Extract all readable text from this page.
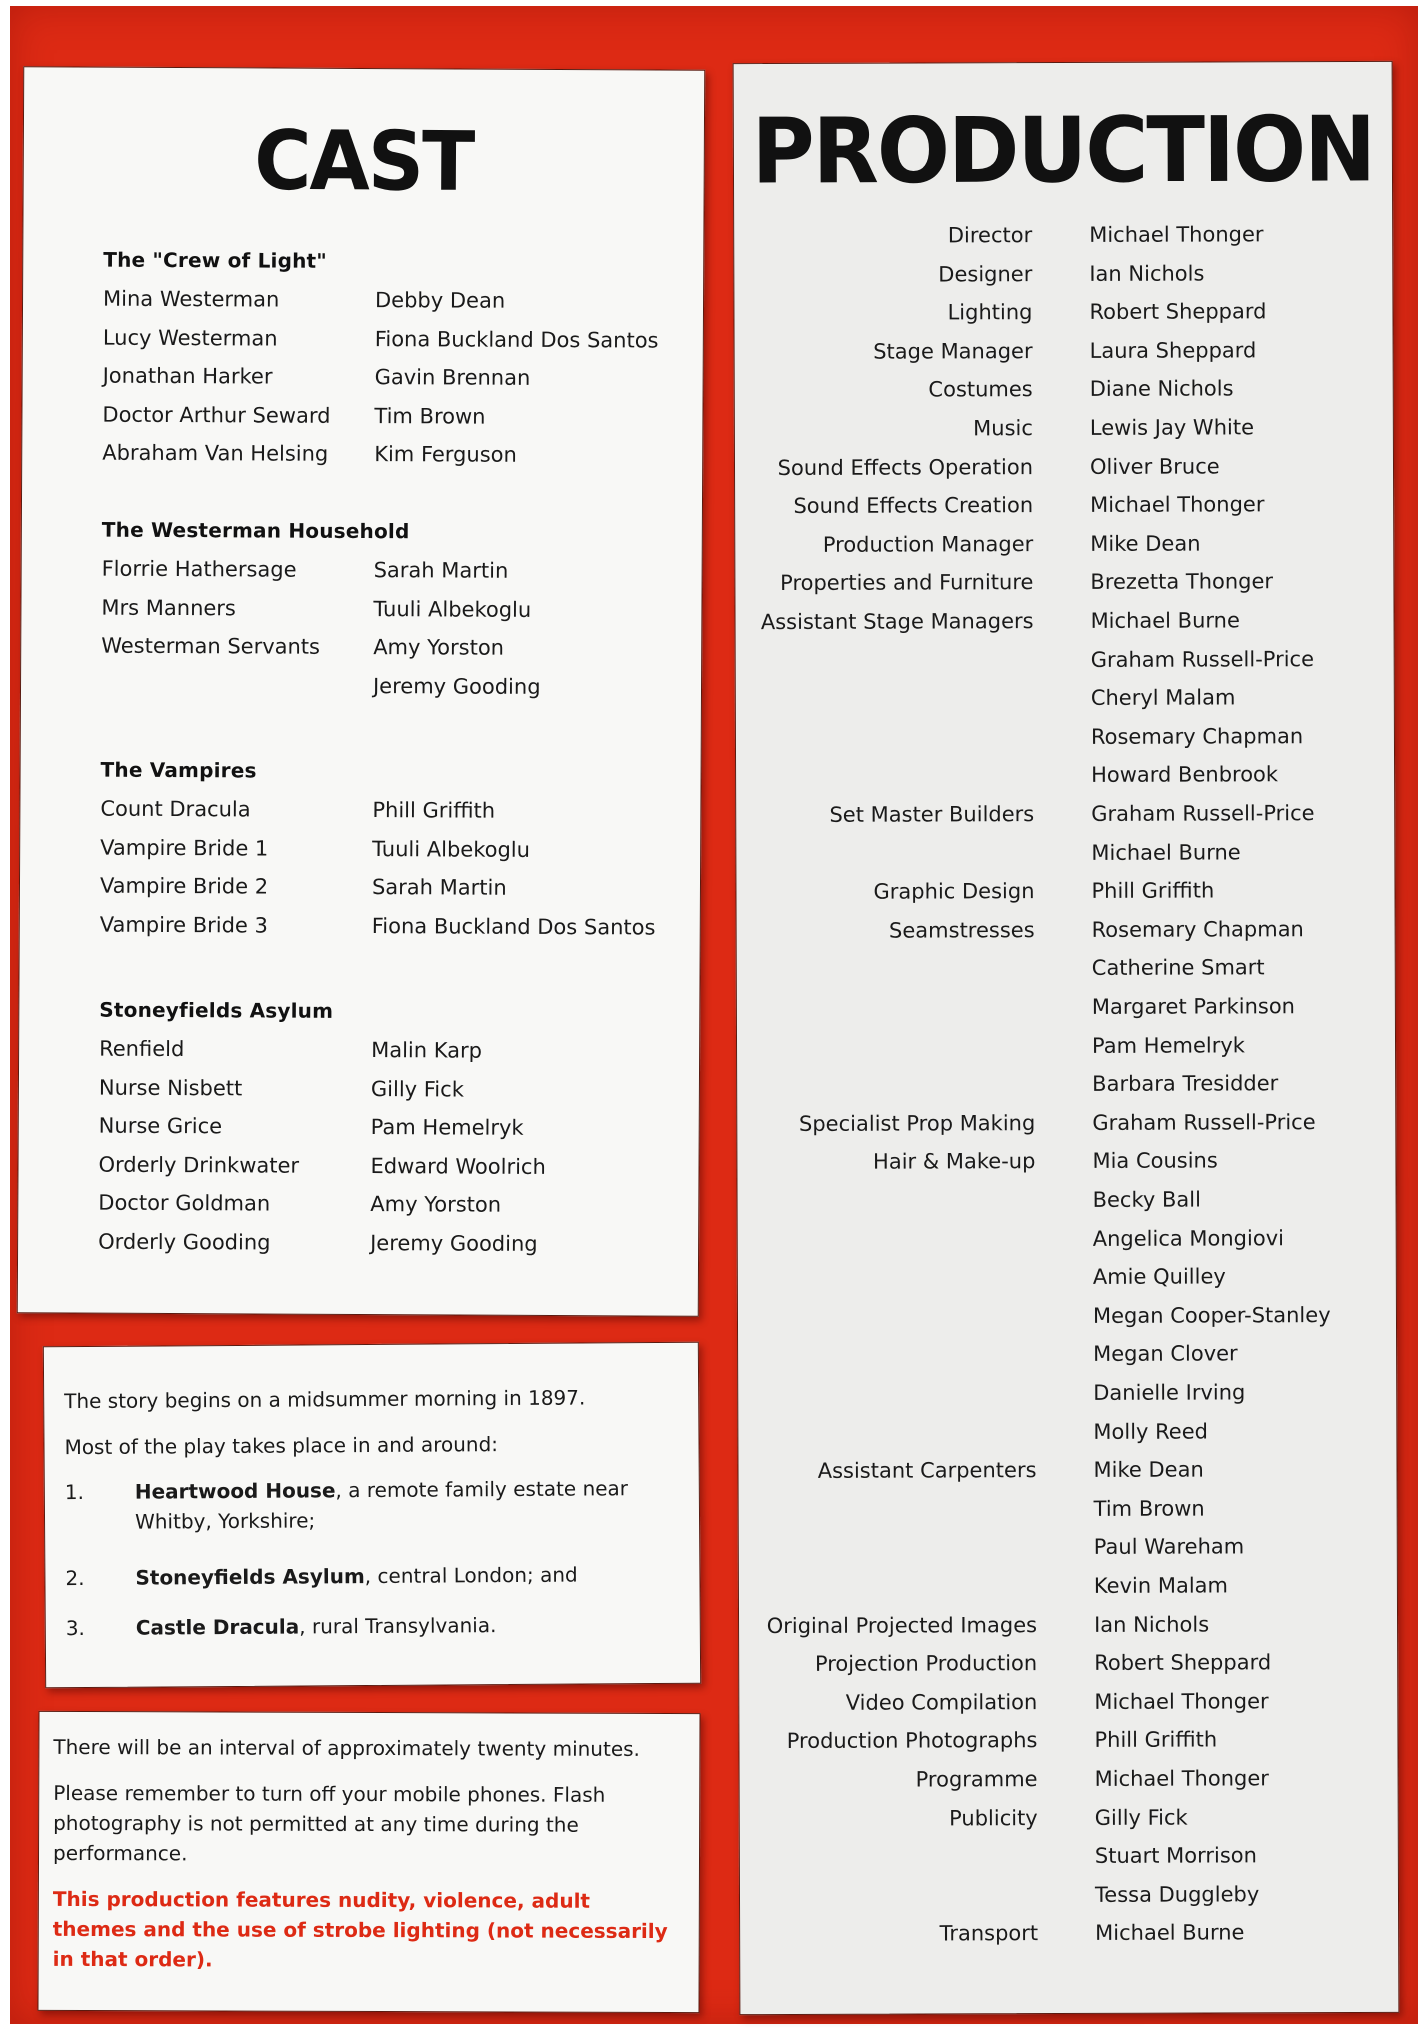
CAST
The "Crew of Light"
Mina Westerman	Debby Dean
Lucy Westerman	Fiona Buckland Dos Santos
Jonathan Harker	Gavin Brennan
Doctor Arthur Seward	Tim Brown
Abraham Van Helsing	Kim Ferguson
The Westerman Household
Florrie Hathersage	Sarah Martin
Mrs Manners	Tuuli Albekoglu
Westerman Servants	Amy Yorston
Jeremy Gooding
The Vampires
Count Dracula	Phill Griffith
Vampire Bride 1	Tuuli Albekoglu
Vampire Bride 2	Sarah Martin
Vampire Bride 3	Fiona Buckland Dos Santos
Stoneyfields Asylum
Renfield	Malin Karp
Nurse Nisbett	Gilly Fick
Nurse Grice	Pam Hemelryk
Orderly Drinkwater	Edward Woolrich
Doctor Goldman	Amy Yorston
Orderly Gooding	Jeremy Gooding
The story begins on a midsummer morning in 1897.
Most of the play takes place in and around:
1.	Heartwood House, a remote family estate near Whitby, Yorkshire;
2.	Stoneyfields Asylum, central London; and
3.	Castle Dracula, rural Transylvania.

There will be an interval of approximately twenty minutes.

Please remember to turn off your mobile phones. Flash photography is not permitted at any time during the performance.

This production features nudity, violence, adult themes and the use of strobe lighting (not necessarily in that order).

PRODUCTION
Director	Michael Thonger
Designer	Ian Nichols
Lighting	Robert Sheppard
Stage Manager	Laura Sheppard
Costumes	Diane Nichols
Music	Lewis Jay White
Sound Effects Operation	Oliver Bruce
Sound Effects Creation	Michael Thonger
Production Manager	Mike Dean
Properties and Furniture	Brezetta Thonger
Assistant Stage Managers	Michael Burne
Graham Russell-Price
Cheryl Malam
Rosemary Chapman
Howard Benbrook
Set Master Builders	Graham Russell-Price
Michael Burne
Graphic Design	Phill Griffith
Seamstresses	Rosemary Chapman
Catherine Smart
Margaret Parkinson
Pam Hemelryk
Barbara Tresidder
Specialist Prop Making	Graham Russell-Price
Hair & Make-up	Mia Cousins
Becky Ball
Angelica Mongiovi
Amie Quilley
Megan Cooper-Stanley
Megan Clover
Danielle Irving
Molly Reed
Assistant Carpenters	Mike Dean
Tim Brown
Paul Wareham
Kevin Malam
Original Projected Images	Ian Nichols
Projection Production	Robert Sheppard
Video Compilation	Michael Thonger
Production Photographs	Phill Griffith
Programme	Michael Thonger
Publicity	Gilly Fick
Stuart Morrison
Tessa Duggleby
Transport	Michael Burne
